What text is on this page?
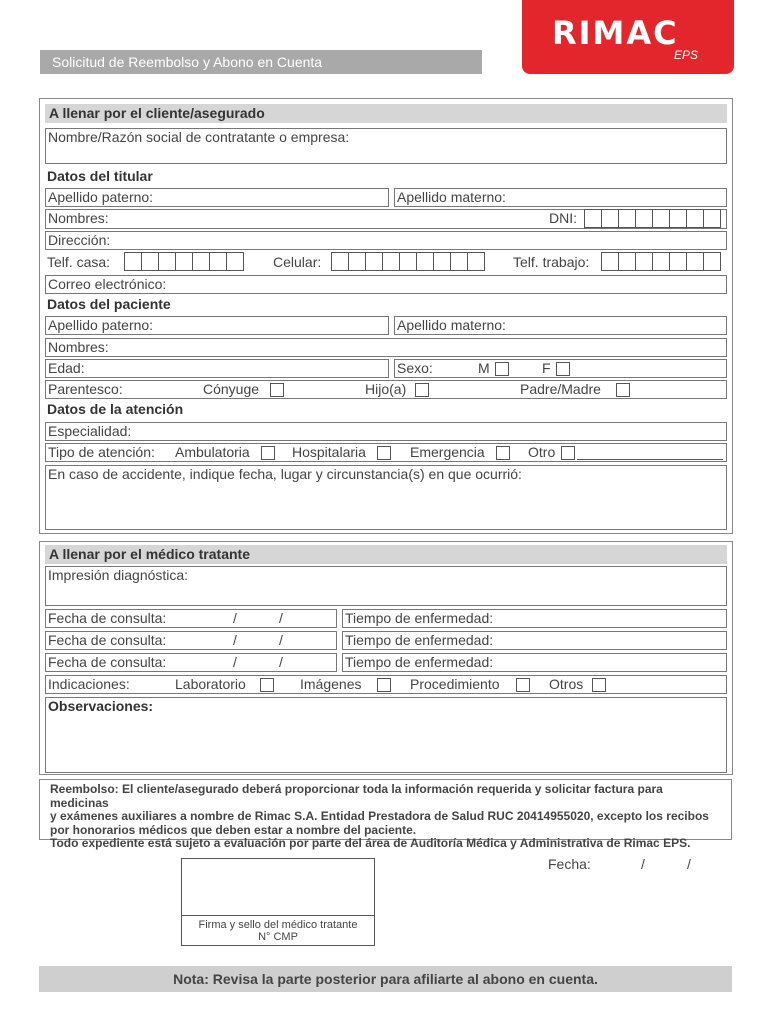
Solicitud de Reembolso y Abono en Cuenta
RIMAC
EPS
A llenar por el cliente/asegurado
Nombre/Razón social de contratante o empresa:
Datos del titular
Apellido paterno:	Apellido materno:
Nombres:	DNI:
Dirección:
Telf. casa:	Celular:	Telf. trabajo:
Correo electrónico:
Datos del paciente
Apellido paterno:	Apellido materno:
Nombres:
Edad:	Sexo:	M	F
Parentesco:	Cónyuge	Hijo(a)	Padre/Madre
Datos de la atención
Especialidad:
Tipo de atención:	Ambulatoria	Hospitalaria	Emergencia	Otro
En caso de accidente, indique fecha, lugar y circunstancia(s) en que ocurrió:
A llenar por el médico tratante
Impresión diagnóstica:
Fecha de consulta:	/	/	Tiempo de enfermedad:
Fecha de consulta:	/	/	Tiempo de enfermedad:
Fecha de consulta:	/	/	Tiempo de enfermedad:
Indicaciones:	Laboratorio	Imágenes	Procedimiento	Otros
Observaciones:
Reembolso: El cliente/asegurado deberá proporcionar toda la información requerida y solicitar factura para medicinas
y exámenes auxiliares a nombre de Rimac S.A. Entidad Prestadora de Salud RUC 20414955020, excepto los recibos
por honorarios médicos que deben estar a nombre del paciente.
Todo expediente está sujeto a evaluación por parte del área de Auditoría Médica y Administrativa de Rimac EPS.
Firma y sello del médico tratante
N° CMP
Fecha:	/	/
Nota: Revisa la parte posterior para afiliarte al abono en cuenta.
